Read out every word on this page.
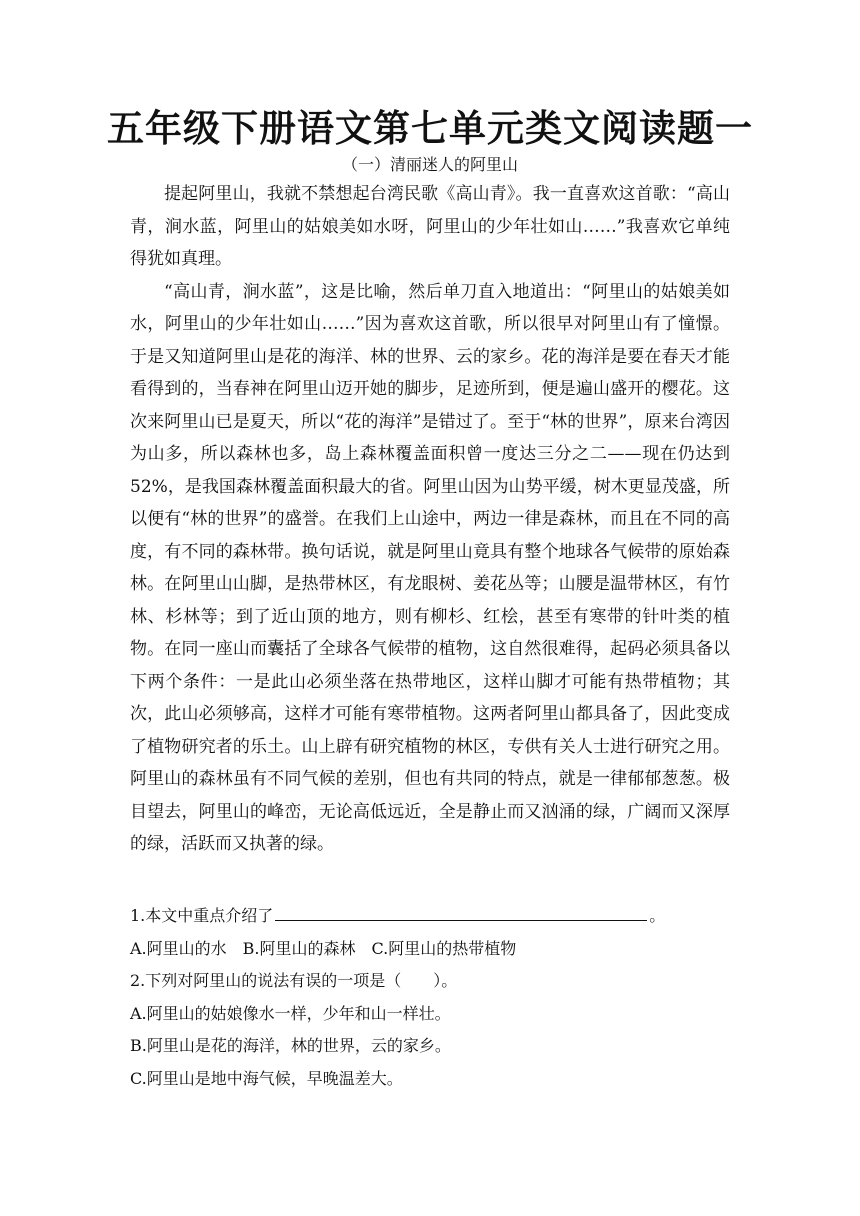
五年级下册语文第七单元类文阅读题一
（一）清丽迷人的阿里山

提起阿里山，我就不禁想起台湾民歌《高山青》。我一直喜欢这首歌：“高山青，涧水蓝，阿里山的姑娘美如水呀，阿里山的少年壮如山……”我喜欢它单纯得犹如真理。

“高山青，涧水蓝”，这是比喻，然后单刀直入地道出：“阿里山的姑娘美如水，阿里山的少年壮如山……”因为喜欢这首歌，所以很早对阿里山有了憧憬。于是又知道阿里山是花的海洋、林的世界、云的家乡。花的海洋是要在春天才能看得到的，当春神在阿里山迈开她的脚步，足迹所到，便是遍山盛开的樱花。这次来阿里山已是夏天，所以“花的海洋”是错过了。至于“林的世界”，原来台湾因为山多，所以森林也多，岛上森林覆盖面积曾一度达三分之二——现在仍达到52%，是我国森林覆盖面积最大的省。阿里山因为山势平缓，树木更显茂盛，所以便有“林的世界”的盛誉。在我们上山途中，两边一律是森林，而且在不同的高度，有不同的森林带。换句话说，就是阿里山竟具有整个地球各气候带的原始森林。在阿里山山脚，是热带林区，有龙眼树、姜花丛等；山腰是温带林区，有竹林、杉林等；到了近山顶的地方，则有柳杉、红桧，甚至有寒带的针叶类的植物。在同一座山而囊括了全球各气候带的植物，这自然很难得，起码必须具备以下两个条件：一是此山必须坐落在热带地区，这样山脚才可能有热带植物；其次，此山必须够高，这样才可能有寒带植物。这两者阿里山都具备了，因此变成了植物研究者的乐土。山上辟有研究植物的林区，专供有关人士进行研究之用。阿里山的森林虽有不同气候的差别，但也有共同的特点，就是一律郁郁葱葱。极目望去，阿里山的峰峦，无论高低远近，全是静止而又汹涌的绿，广阔而又深厚的绿，活跃而又执著的绿。

1.本文中重点介绍了	。
A.阿里山的水　B.阿里山的森林　C.阿里山的热带植物
2.下列对阿里山的说法有误的一项是（　　）。
A.阿里山的姑娘像水一样，少年和山一样壮。
B.阿里山是花的海洋，林的世界，云的家乡。
C.阿里山是地中海气候，早晚温差大。
